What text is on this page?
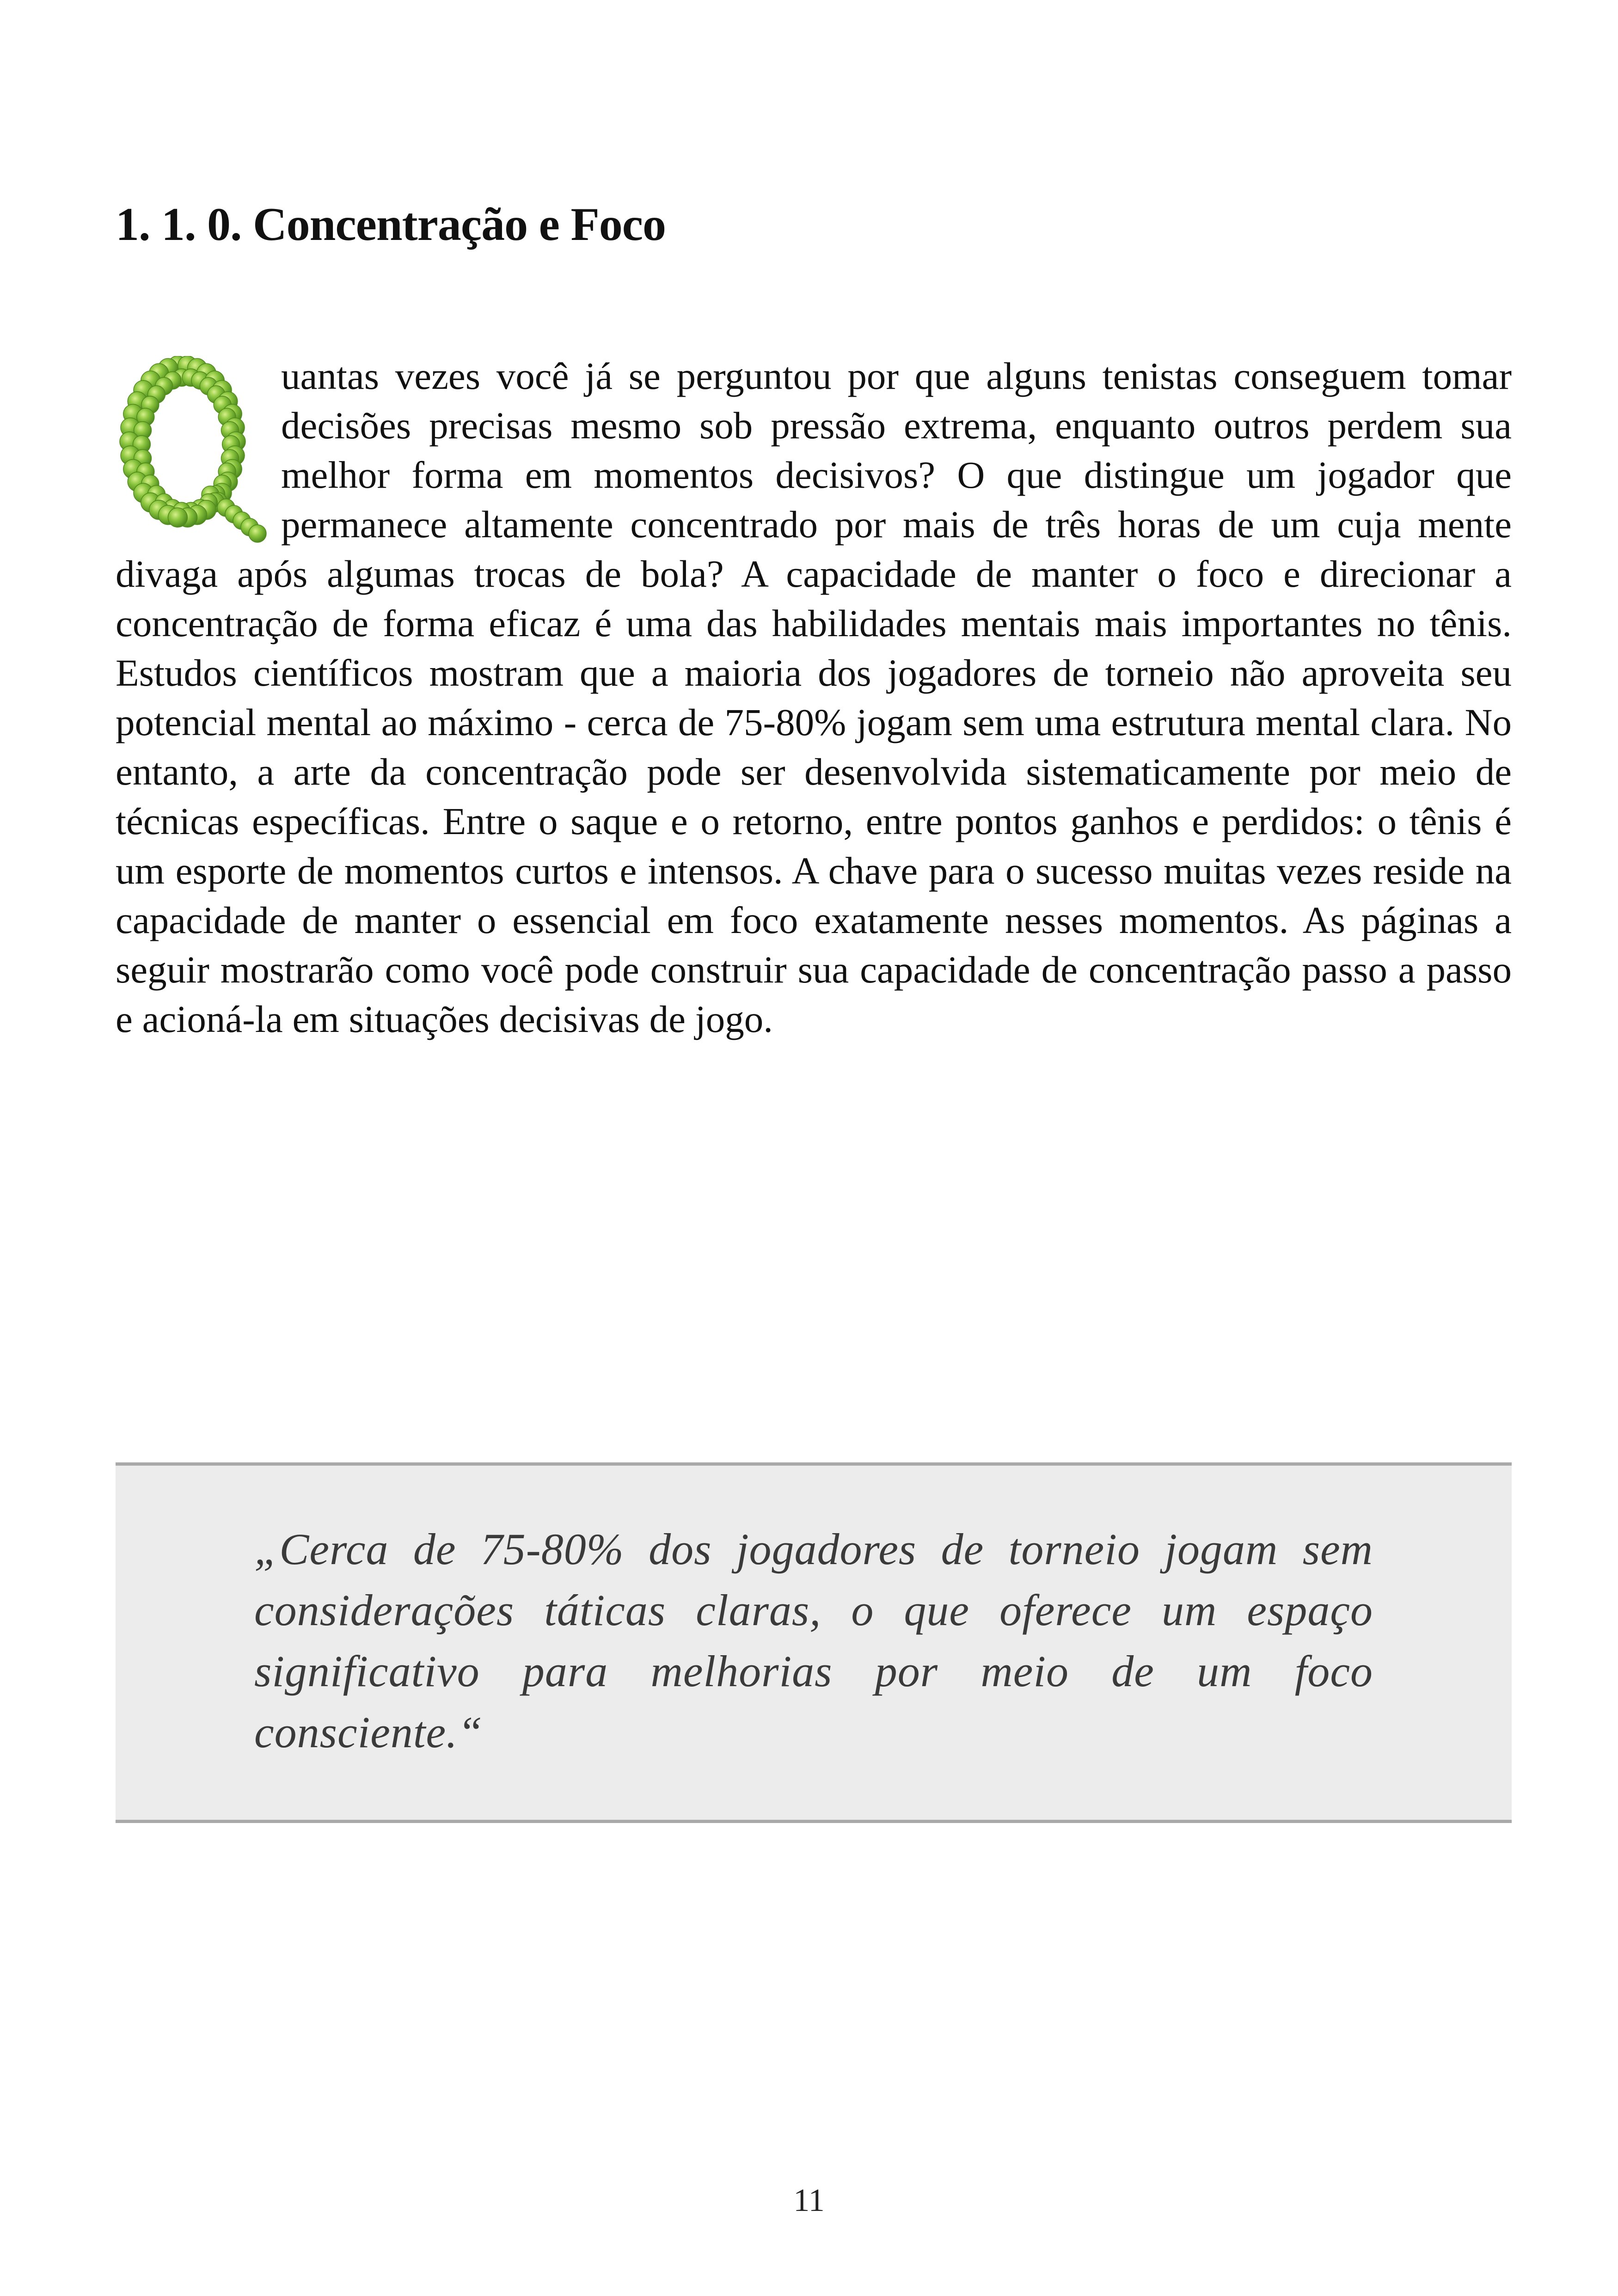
1. 1. 0. Concentração e Foco
uantas vezes você já se perguntou por que alguns tenistas conseguem tomar decisões precisas mesmo sob pressão extrema, enquanto outros perdem sua melhor forma em momentos decisivos? O que distingue um jogador que permanece altamente concentrado por mais de três horas de um cuja mente divaga após algumas trocas de bola? A capacidade de manter o foco e direcionar a concentração de forma eficaz é uma das habilidades mentais mais importantes no tênis. Estudos científicos mostram que a maioria dos jogadores de torneio não aproveita seu potencial mental ao máximo - cerca de 75-80% jogam sem uma estrutura mental clara. No entanto, a arte da concentração pode ser desenvolvida sistematicamente por meio de técnicas específicas. Entre o saque e o retorno, entre pontos ganhos e perdidos: o tênis é um esporte de momentos curtos e intensos. A chave para o sucesso muitas vezes reside na capacidade de manter o essencial em foco exatamente nesses momentos. As páginas a seguir mostrarão como você pode construir sua capacidade de concentração passo a passo e acioná-la em situações decisivas de jogo.

„Cerca de 75-80% dos jogadores de torneio jogam sem considerações táticas claras, o que oferece um espaço significativo para melhorias por meio de um foco consciente.“

11
